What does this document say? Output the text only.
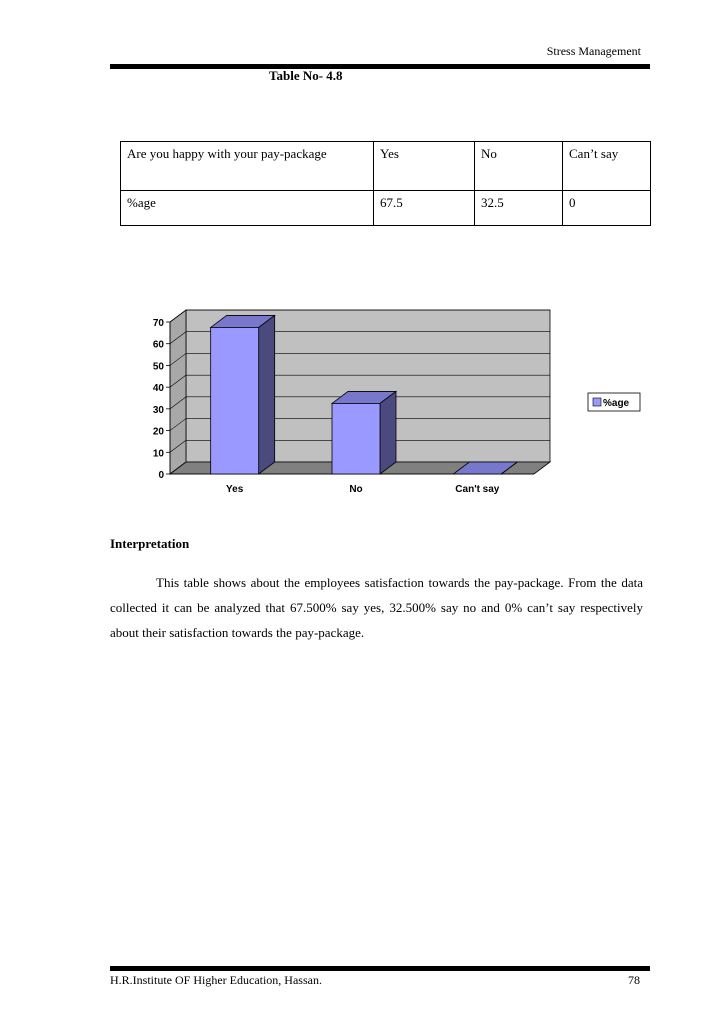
Stress Management
Table No- 4.8
Are you happy with your pay-package	Yes	No	Can’t say
%age	67.5	32.5	0
0
10
20
30
40
50
60
70
Yes	No	Can't say
%age
Interpretation
This table shows about the employees satisfaction towards the pay-package. From the data collected it can be analyzed that 67.500% say yes, 32.500% say no and 0% can’t say respectively about their satisfaction towards the pay-package.
H.R.Institute OF Higher Education, Hassan.	78
